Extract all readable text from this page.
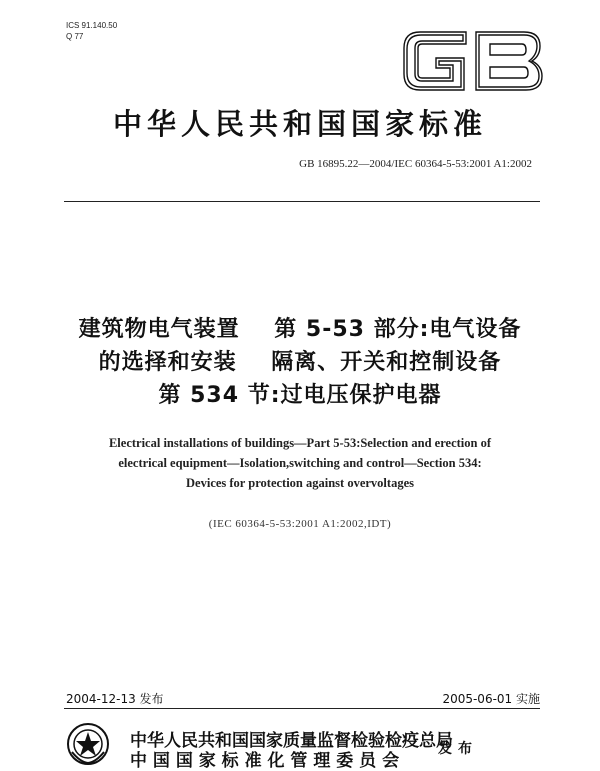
ICS 91.140.50
Q 77
GB
中华人民共和国国家标准
GB 16895.22—2004/IEC 60364-5-53:2001 A1:2002
建筑物电气装置    第 5-53 部分:电气设备
的选择和安装    隔离、开关和控制设备
第 534 节:过电压保护电器
Electrical installations of buildings—Part 5-53:Selection and erection of
electrical equipment—Isolation,switching and control—Section 534:
Devices for protection against overvoltages
(IEC 60364-5-53:2001 A1:2002,IDT)
2004-12-13 发布	2005-06-01 实施
中华人民共和国国家质量监督检验检疫总局
中 国 国 家 标 准 化 管 理 委 员 会
发布
